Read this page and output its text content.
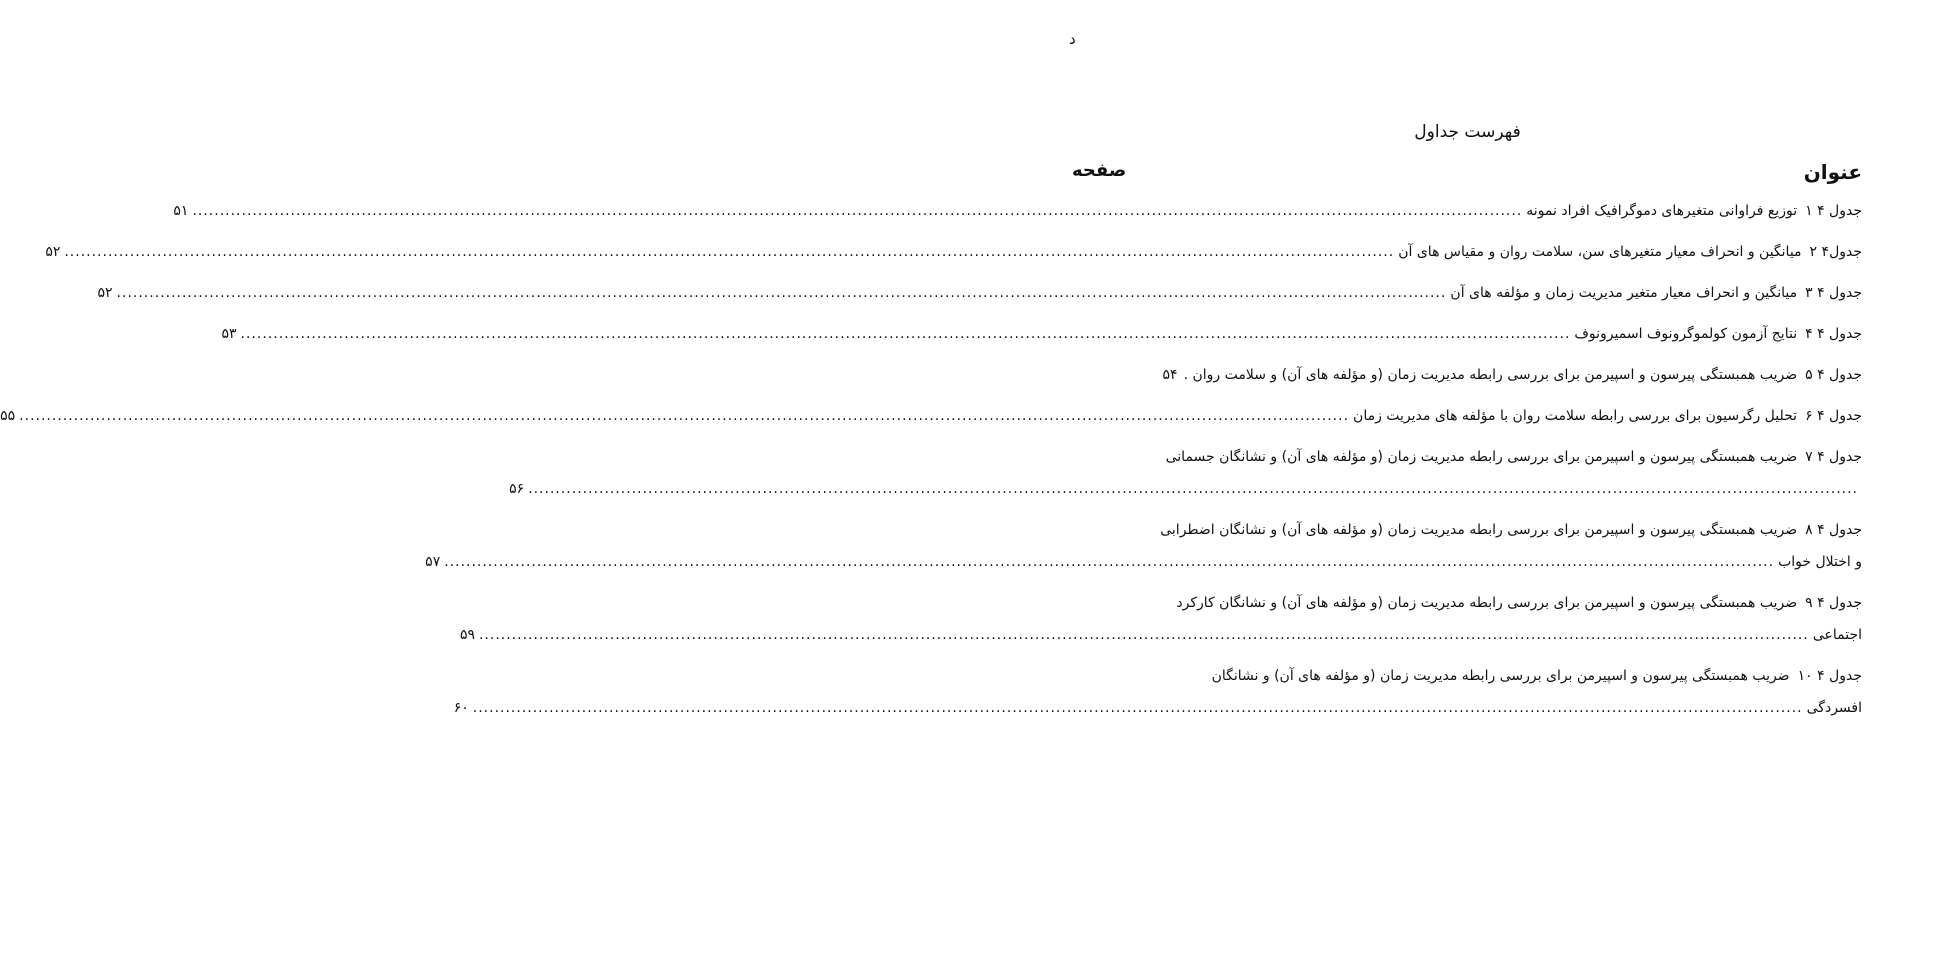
د
فهرست جداول
عنوان
صفحه
جدول ۴ ۱
توزیع فراوانی متغیرهای دموگرافیک افراد نمونه
.....
۵۱
جدول۴ ۲
میانگین و انحراف معیار متغیرهای سن، سلامت روان و مقیاس های آن
.....
۵۲
جدول ۴ ۳
میانگین و انحراف معیار متغیر مدیریت زمان و مؤلفه های آن
.....
۵۲
جدول ۴ ۴
نتایج آزمون کولموگرونوف اسمیرونوف
.....
۵۳
جدول ۴ ۵
ضریب همبستگی پیرسون و اسپیرمن برای بررسی رابطه مدیریت زمان (و مؤلفه های آن) و سلامت روان .
۵۴
جدول ۴ ۶
تحلیل رگرسیون برای بررسی رابطه سلامت روان با مؤلفه های مدیریت زمان
.....
۵۵
جدول ۴ ۷
ضریب همبستگی پیرسون و اسپیرمن برای بررسی رابطه مدیریت زمان (و مؤلفه های آن) و نشانگان جسمانی
.....
۵۶
جدول ۴ ۸
ضریب همبستگی پیرسون و اسپیرمن برای بررسی رابطه مدیریت زمان (و مؤلفه های آن) و نشانگان اضطرابی
و اختلال خواب
.....
۵۷
جدول ۴ ۹
ضریب همبستگی پیرسون و اسپیرمن برای بررسی رابطه مدیریت زمان (و مؤلفه های آن) و نشانگان کارکرد
اجتماعی
.....
۵۹
جدول ۴ ۱۰
ضریب همبستگی پیرسون و اسپیرمن برای بررسی رابطه مدیریت زمان (و مؤلفه های آن) و نشانگان
افسردگی
.....
۶۰
